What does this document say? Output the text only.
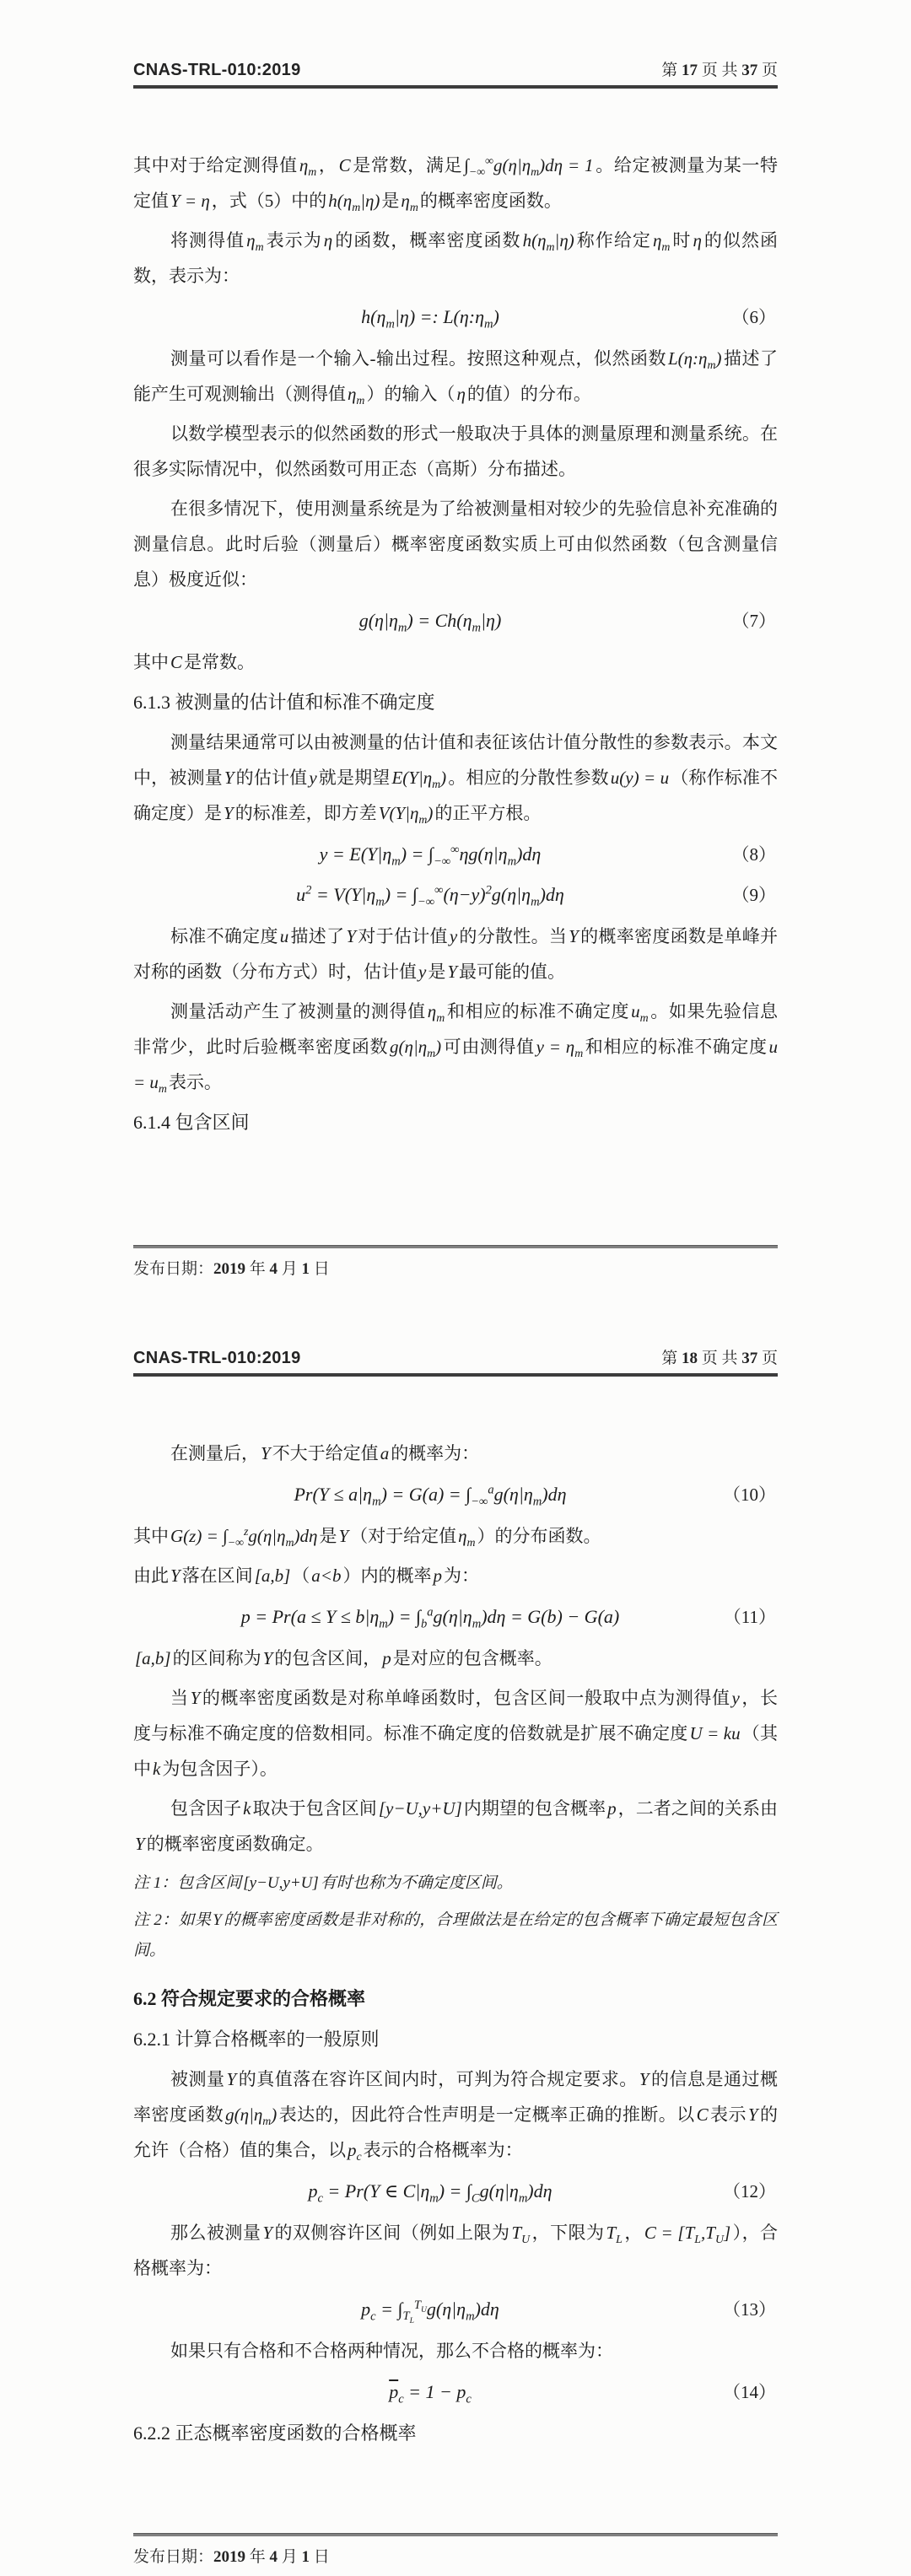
CNAS-TRL-010:2019	第 17 页 共 37 页
其中对于给定测得值$\eta_m$，C是常数，满足$\int_{-\infty}^\infty g(\eta|\eta_m)d\eta = 1$。给定被测量为某一特定值Y = η，式（5）中的$h(\eta_m|\eta)$是$\eta_m$的概率密度函数。
将测得值$\eta_m$表示为η的函数，概率密度函数$h(\eta_m|\eta)$称作给定$\eta_m$时η的似然函数，表示为：
$h(\eta_m|\eta)$ =: $L(\eta:\eta_m)$	（6）
测量可以看作是一个输入-输出过程。按照这种观点，似然函数$L(\eta:\eta_m)$描述了能产生可观测输出（测得值$\eta_m$）的输入（η的值）的分布。
以数学模型表示的似然函数的形式一般取决于具体的测量原理和测量系统。在很多实际情况中，似然函数可用正态（高斯）分布描述。
在很多情况下，使用测量系统是为了给被测量相对较少的先验信息补充准确的测量信息。此时后验（测量后）概率密度函数实质上可由似然函数（包含测量信息）极度近似：
$g(\eta|\eta_m) = Ch(\eta_m|\eta)$	（7）
其中C是常数。
6.1.3 被测量的估计值和标准不确定度
测量结果通常可以由被测量的估计值和表征该估计值分散性的参数表示。本文中，被测量Y的估计值y就是期望$E(Y|\eta_m)$。相应的分散性参数u(y) = u（称作标准不确定度）是Y的标准差，即方差$V(Y|\eta_m)$的正平方根。
$y = E(Y|\eta_m) = \int_{-\infty}^\infty\eta g(\eta|\eta_m)d\eta$	（8）
$u^2 = V(Y|\eta_m) = \int_{-\infty}^\infty(\eta-y)^2g(\eta|\eta_m)d\eta$	（9）
标准不确定度u描述了Y对于估计值y的分散性。当Y的概率密度函数是单峰并对称的函数（分布方式）时，估计值y是Y最可能的值。
测量活动产生了被测量的测得值$\eta_m$和相应的标准不确定度$u_m$。如果先验信息非常少，此时后验概率密度函数$g(\eta|\eta_m)$可由测得值$y = \eta_m$和相应的标准不确定度$u = u_m$表示。
6.1.4 包含区间
发布日期：2019 年 4 月 1 日
CNAS-TRL-010:2019	第 18 页 共 37 页
在测量后，Y不大于给定值a的概率为：
$Pr(Y \le a|\eta_m) = G(a) = \int_{-\infty}^ag(\eta|\eta_m)d\eta$	（10）
其中$G(z) = \int_{-\infty}^zg(\eta|\eta_m)d\eta$是Y（对于给定值$\eta_m$）的分布函数。
由此Y落在区间[a,b]（a<b）内的概率p为：
$p = Pr(a \le Y \le b|\eta_m) = \int_b^ag(\eta|\eta_m)d\eta = G(b) - G(a)$	（11）
[a,b]的区间称为Y的包含区间，p是对应的包含概率。
当Y的概率密度函数是对称单峰函数时，包含区间一般取中点为测得值y，长度与标准不确定度的倍数相同。标准不确定度的倍数就是扩展不确定度U = ku（其中k为包含因子）。
包含因子k取决于包含区间[y−U,y+U]内期望的包含概率p，二者之间的关系由Y的概率密度函数确定。
注 1：包含区间 [y−U,y+U] 有时也称为不确定度区间。
注 2：如果 Y 的概率密度函数是非对称的，合理做法是在给定的包含概率下确定最短包含区间。
6.2 符合规定要求的合格概率
6.2.1 计算合格概率的一般原则
被测量Y的真值落在容许区间内时，可判为符合规定要求。Y的信息是通过概率密度函数$g(\eta|\eta_m)$表达的，因此符合性声明是一定概率正确的推断。以C表示Y的允许（合格）值的集合，以$p_c$表示的合格概率为：
$p_c = Pr(Y$ ∈ $C|\eta_m) = \int_Cg(\eta|\eta_m)d\eta$	（12）
那么被测量Y的双侧容许区间（例如上限为$T_U$，下限为$T_L$，$C = [T_L,T_U]$），合格概率为：
$p_c = \int_{T_L}^{T_U}g(\eta|\eta_m)d\eta$	（13）
如果只有合格和不合格两种情况，那么不合格的概率为：
$\overline{p}_c = 1 - p_c$	（14）
6.2.2 正态概率密度函数的合格概率
发布日期：2019 年 4 月 1 日
